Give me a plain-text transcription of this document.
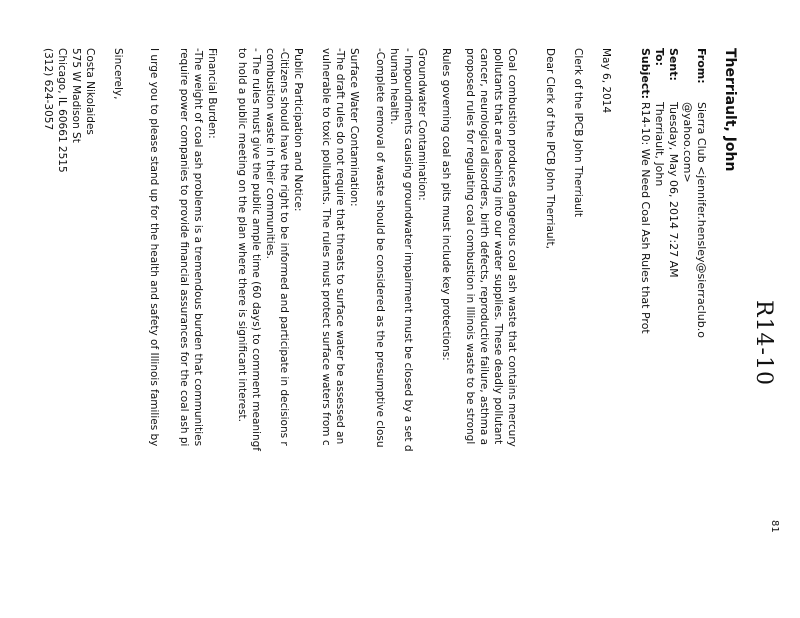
R14-10
81
Therriault, John
From:
Sierra Club <jennifer.hensley@sierraclub.o
@yahoo.com>
Sent:
Tuesday, May 06, 2014 7:27 AM
To:
Therriault, John
Subject:
R14-10: We Need Coal Ash Rules that Prot
May 6, 2014
Clerk of the IPCB John Therriault
Dear Clerk of the IPCB John Therriault,
Coal combustion produces dangerous coal ash waste that contains mercury
pollutants that are leaching into our water supplies. These deadly pollutant
cancer, neurological disorders, birth defects, reproductive failure, asthma a
proposed rules for regulating coal combustion in Illinois waste to be strongl
Rules governing coal ash pits must include key protections:
Groundwater Contamination:
- Impoundments causing groundwater impairment must be closed by a set d
human health.
-Complete removal of waste should be considered as the presumptive closu
Surface Water Contamination:
-The draft rules do not require that threats to surface water be assessed an
vulnerable to toxic pollutants. The rules must protect surface waters from c
Public Participation and Notice:
-Citizens should have the right to be informed and participate in decisions r
combustion waste in their communities.
- The rules must give the public ample time (60 days) to comment meaningf
to hold a public meeting on the plan where there is significant interest.
Financial Burden:
-The weight of coal ash problems is a tremendous burden that communities
require power companies to provide financial assurances for the coal ash pi
I urge you to please stand up for the health and safety of Illinois families by
Sincerely,
Costa Nikolaides
575 W Madison St
Chicago, IL 60661 2515
(312) 624-3057
